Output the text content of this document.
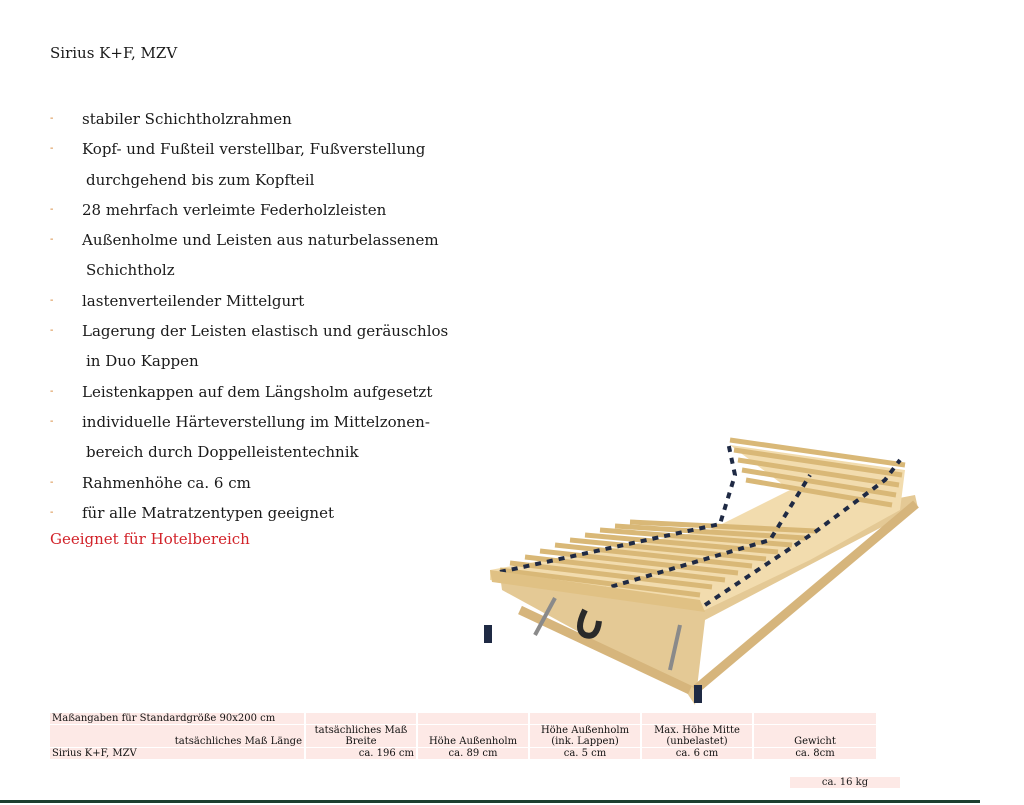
Sirius K+F, MZV
- stabiler Schichtholzrahmen
- Kopf- und Fußteil verstellbar, Fußverstellung
durchgehend bis zum Kopfteil
- 28 mehrfach verleimte Federholzleisten
- Außenholme und Leisten aus naturbelassenem
Schichtholz
- lastenverteilender Mittelgurt
- Lagerung der Leisten elastisch und geräuschlos
in Duo Kappen
- Leistenkappen auf dem Längsholm aufgesetzt
- individuelle Härteverstellung im Mittelzonen-
bereich durch Doppelleistentechnik
- Rahmenhöhe ca. 6 cm
- für alle Matratzentypen geeignet
Geeignet für Hotelbereich
Maßangaben für Standardgröße 90x200 cm					
tatsächliches Maß Länge	tatsächliches Maß Breite	Höhe Außenholm	Höhe Außenholm (ink. Lappen)	Max. Höhe Mitte (unbelastet)	Gewicht
Sirius K+F, MZV	ca. 196 cm	ca. 89 cm	ca. 5 cm	ca. 6 cm	ca. 8cm
ca. 16 kg
